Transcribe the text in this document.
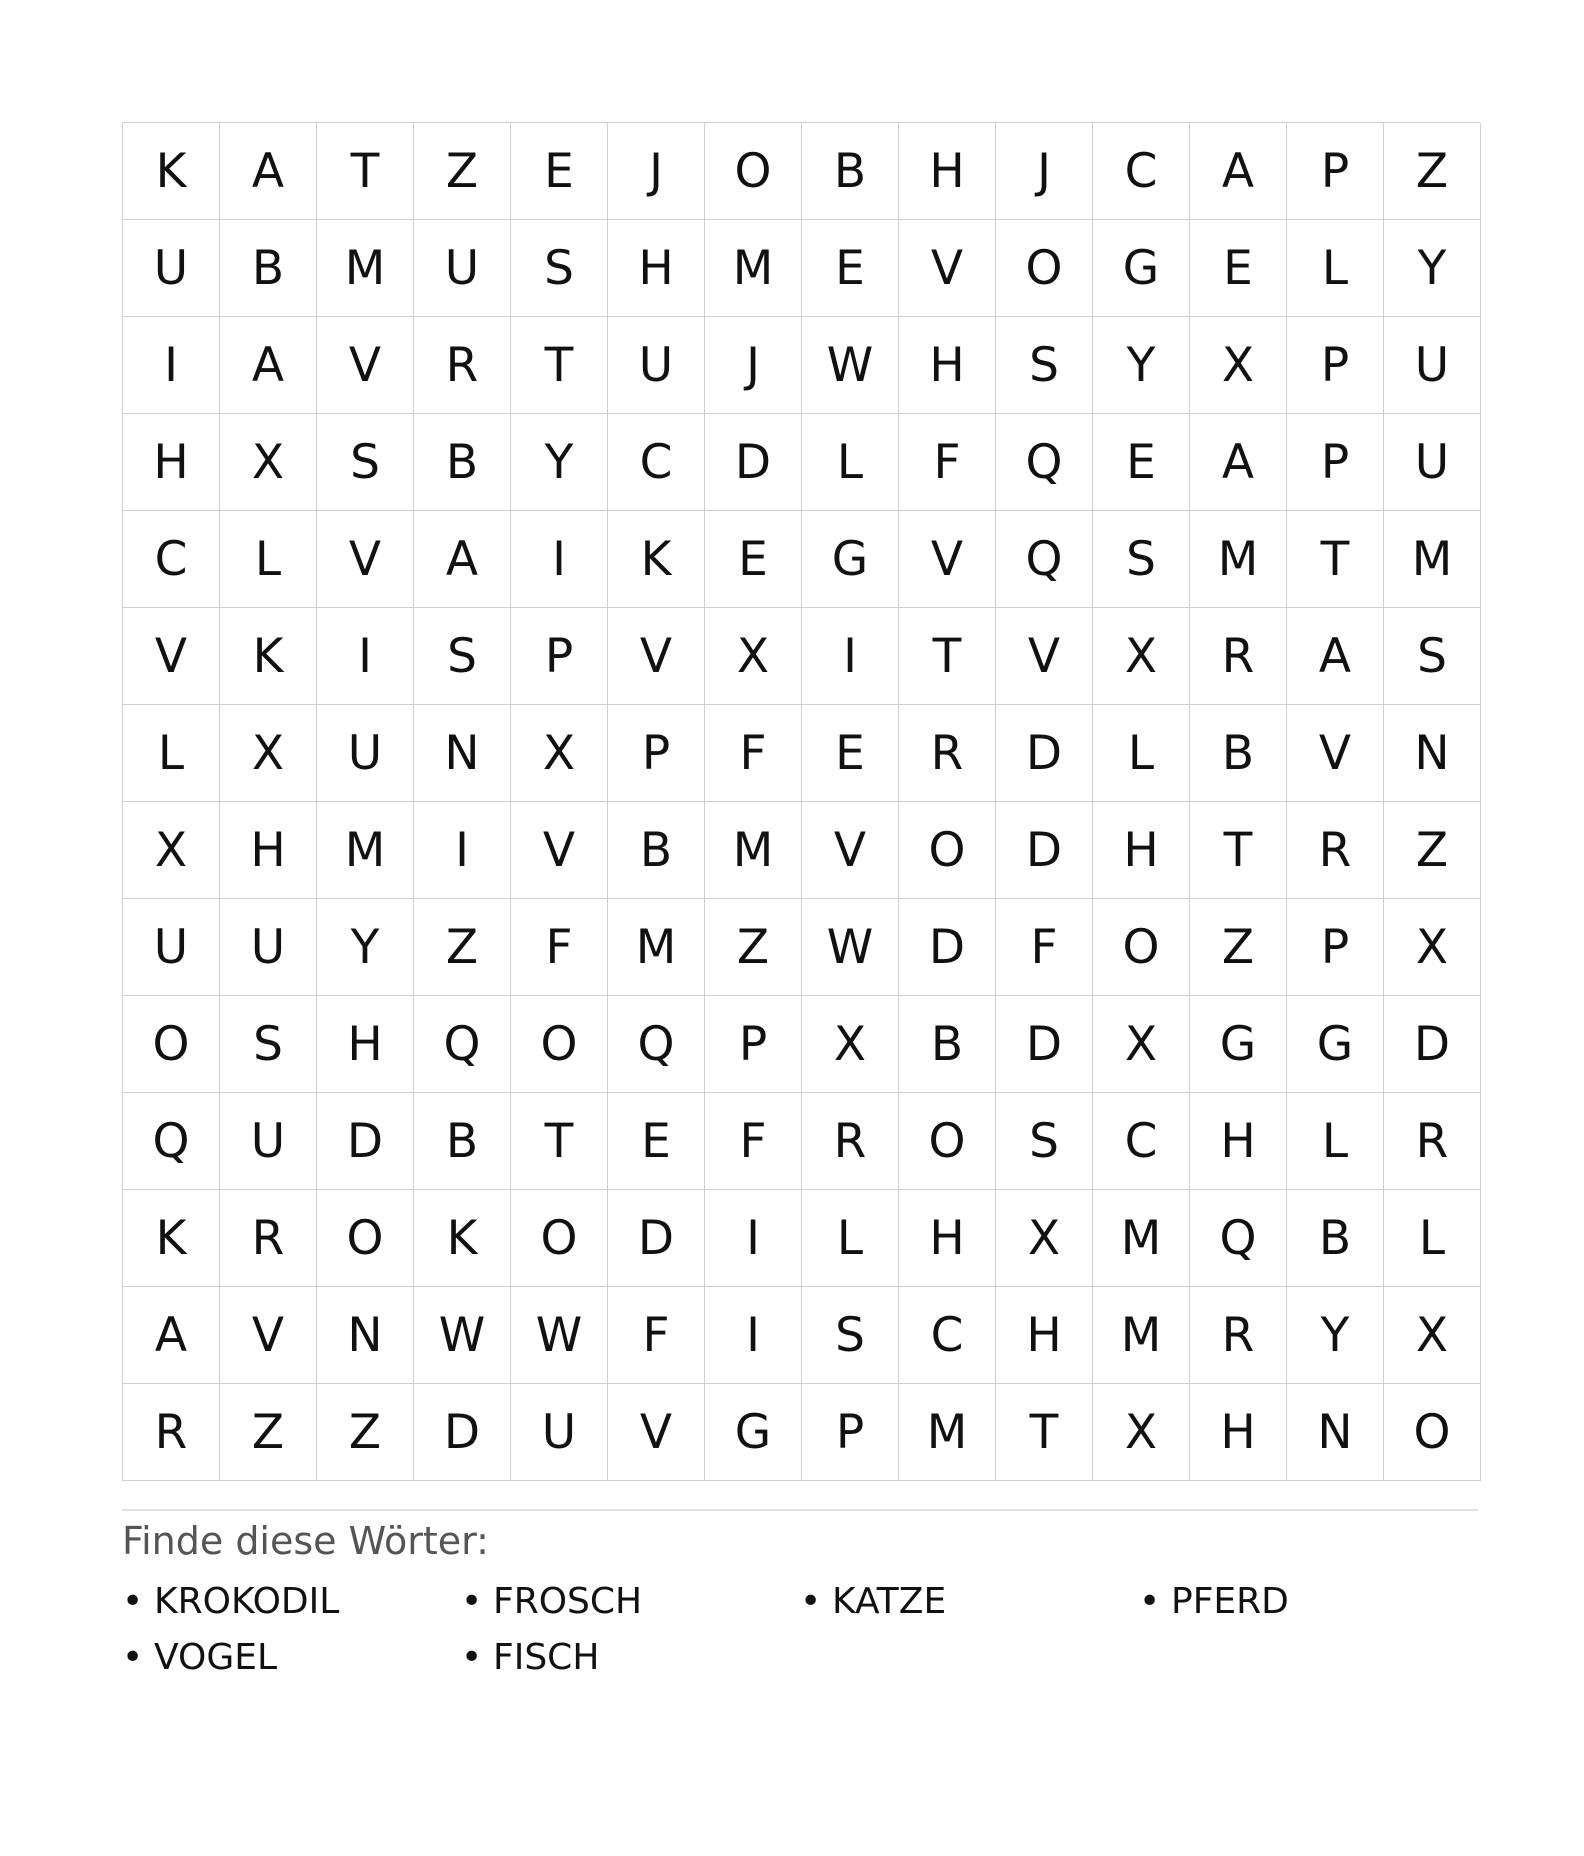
K	A	T	Z	E	J	O	B	H	J	C	A	P	Z
U	B	M	U	S	H	M	E	V	O	G	E	L	Y
I	A	V	R	T	U	J	W	H	S	Y	X	P	U
H	X	S	B	Y	C	D	L	F	Q	E	A	P	U
C	L	V	A	I	K	E	G	V	Q	S	M	T	M
V	K	I	S	P	V	X	I	T	V	X	R	A	S
L	X	U	N	X	P	F	E	R	D	L	B	V	N
X	H	M	I	V	B	M	V	O	D	H	T	R	Z
U	U	Y	Z	F	M	Z	W	D	F	O	Z	P	X
O	S	H	Q	O	Q	P	X	B	D	X	G	G	D
Q	U	D	B	T	E	F	R	O	S	C	H	L	R
K	R	O	K	O	D	I	L	H	X	M	Q	B	L
A	V	N	W	W	F	I	S	C	H	M	R	Y	X
R	Z	Z	D	U	V	G	P	M	T	X	H	N	O
Finde diese Wörter:
• KROKODIL	• FROSCH	• KATZE	• PFERD
• VOGEL	• FISCH
